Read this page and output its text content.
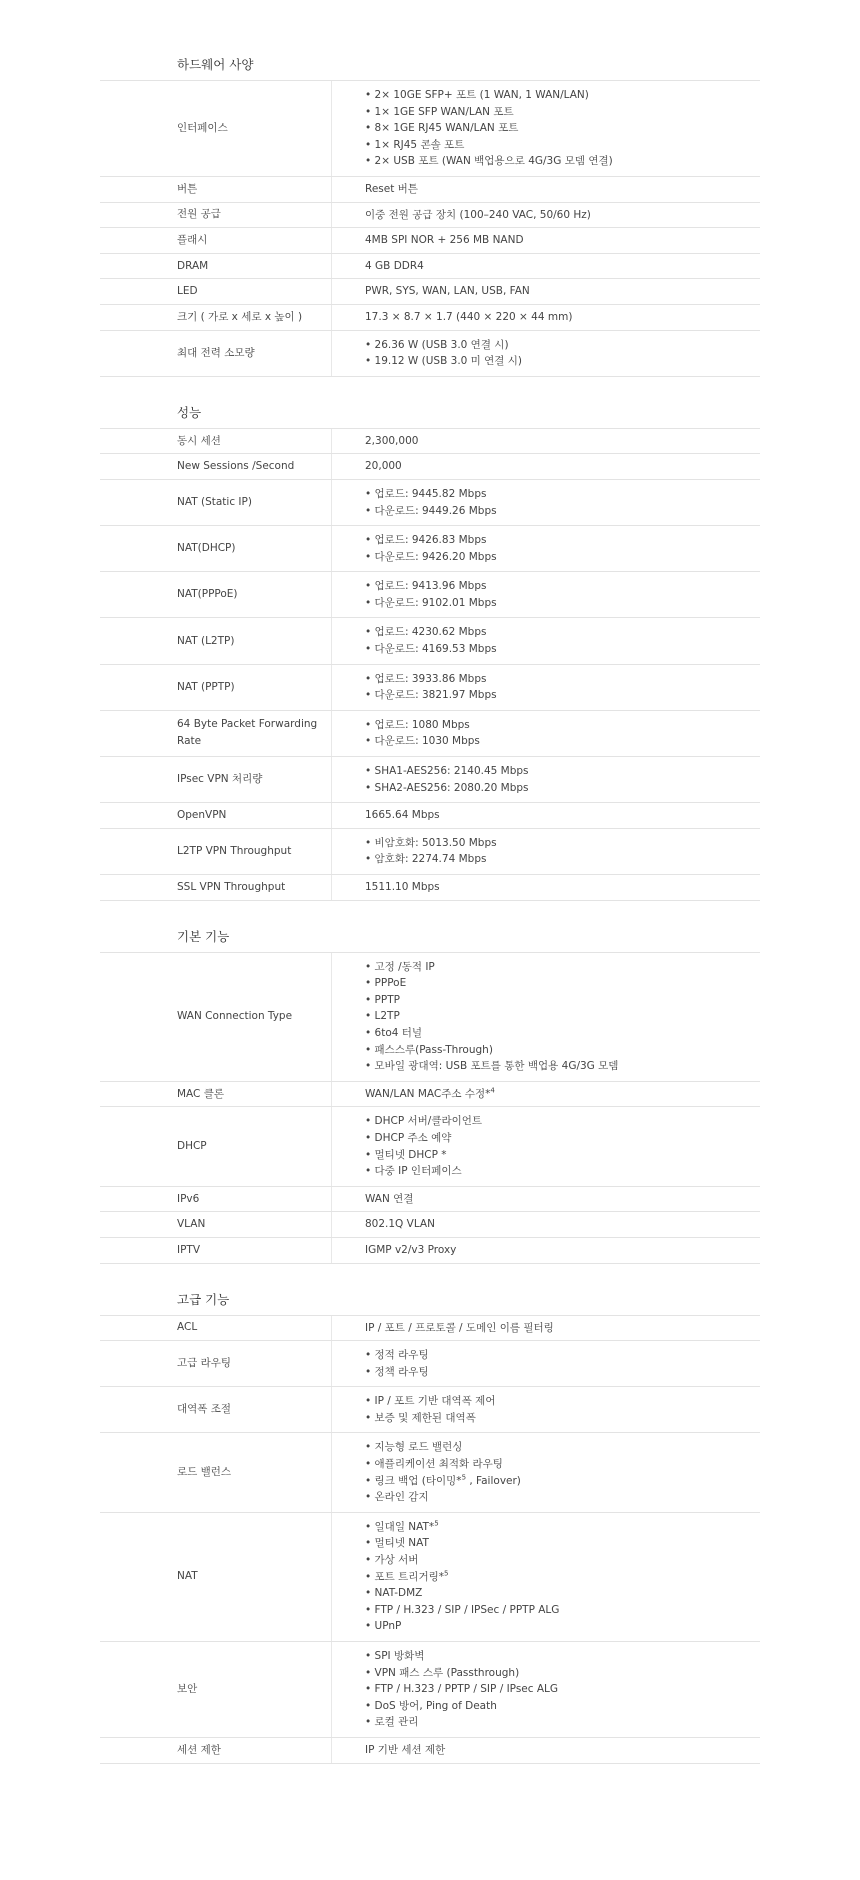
하드웨어 사양
인터페이스
• 2× 10GE SFP+ 포트 (1 WAN, 1 WAN/LAN)
• 1× 1GE SFP WAN/LAN 포트
• 8× 1GE RJ45 WAN/LAN 포트
• 1× RJ45 콘솔 포트
• 2× USB 포트 (WAN 백업용으로 4G/3G 모뎀 연결)
버튼	Reset 버튼
전원 공급	이중 전원 공급 장치 (100–240 VAC, 50/60 Hz)
플래시	4MB SPI NOR + 256 MB NAND
DRAM	4 GB DDR4
LED	PWR, SYS, WAN, LAN, USB, FAN
크기 ( 가로 x 세로 x 높이 )	17.3 × 8.7 × 1.7 (440 × 220 × 44 mm)
최대 전력 소모량
• 26.36 W (USB 3.0 연결 시)
• 19.12 W (USB 3.0 미 연결 시)
성능
동시 세션	2,300,000
New Sessions /Second	20,000
NAT (Static IP)
• 업로드: 9445.82 Mbps
• 다운로드: 9449.26 Mbps
NAT(DHCP)
• 업로드: 9426.83 Mbps
• 다운로드: 9426.20 Mbps
NAT(PPPoE)
• 업로드: 9413.96 Mbps
• 다운로드: 9102.01 Mbps
NAT (L2TP)
• 업로드: 4230.62 Mbps
• 다운로드: 4169.53 Mbps
NAT (PPTP)
• 업로드: 3933.86 Mbps
• 다운로드: 3821.97 Mbps
64 Byte Packet Forwarding Rate
• 업로드: 1080 Mbps
• 다운로드: 1030 Mbps
IPsec VPN 처리량
• SHA1-AES256: 2140.45 Mbps
• SHA2-AES256: 2080.20 Mbps
OpenVPN	1665.64 Mbps
L2TP VPN Throughput
• 비암호화: 5013.50 Mbps
• 암호화: 2274.74 Mbps
SSL VPN Throughput	1511.10 Mbps
기본 기능
WAN Connection Type
• 고정 /동적 IP
• PPPoE
• PPTP
• L2TP
• 6to4 터널
• 패스스루(Pass-Through)
• 모바일 광대역: USB 포트를 통한 백업용 4G/3G 모뎀
MAC 클론	WAN/LAN MAC주소 수정*$^4$
DHCP
• DHCP 서버/클라이언트
• DHCP 주소 예약
• 멀티넷 DHCP *
• 다중 IP 인터페이스
IPv6	WAN 연결
VLAN	802.1Q VLAN
IPTV	IGMP v2/v3 Proxy
고급 기능
ACL	IP / 포트 / 프로토콜 / 도메인 이름 필터링
고급 라우팅
• 정적 라우팅
• 정책 라우팅
대역폭 조절
• IP / 포트 기반 대역폭 제어
• 보증 및 제한된 대역폭
로드 밸런스
• 지능형 로드 밸런싱
• 애플리케이션 최적화 라우팅
• 링크 백업 (타이밍*$^5$ , Failover)
• 온라인 감지
NAT
• 일대일 NAT*$^5$
• 멀티넷 NAT
• 가상 서버
• 포트 트리거링*$^5$
• NAT-DMZ
• FTP / H.323 / SIP / IPSec / PPTP ALG
• UPnP
보안
• SPI 방화벽
• VPN 패스 스루 (Passthrough)
• FTP / H.323 / PPTP / SIP / IPsec ALG
• DoS 방어, Ping of Death
• 로컬 관리
세션 제한	IP 기반 세션 제한
